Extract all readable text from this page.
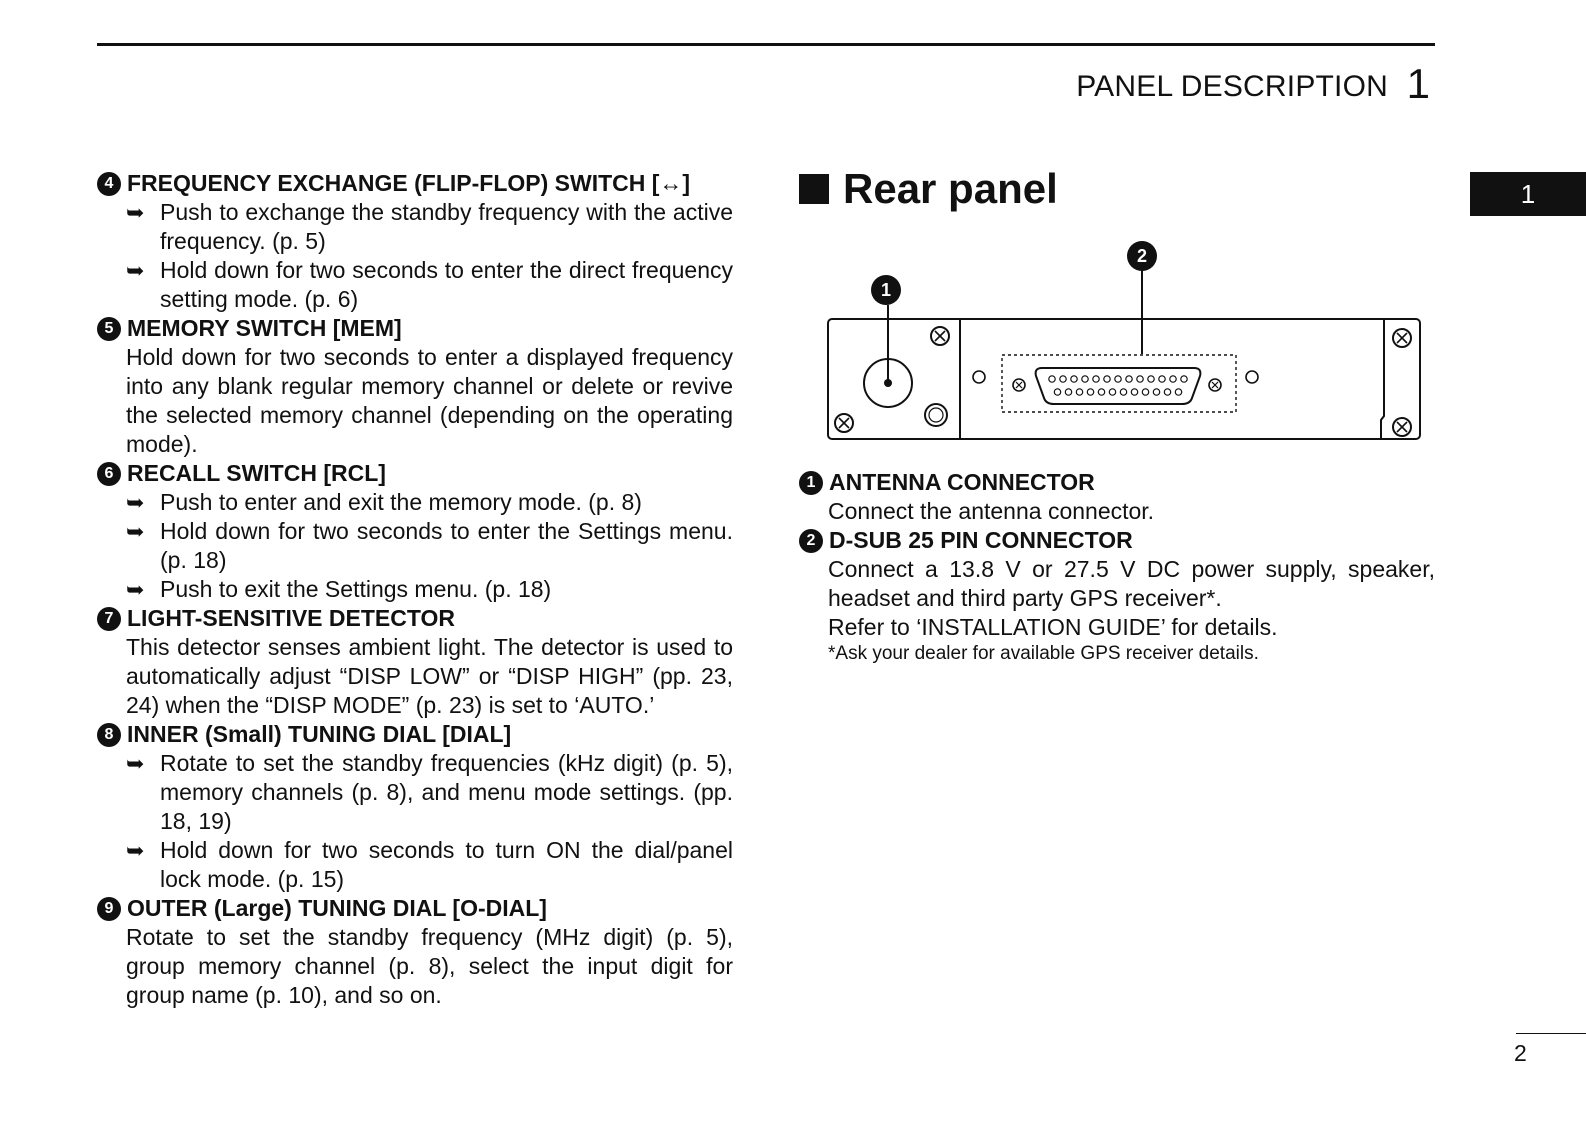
PANEL DESCRIPTION 1
1
4 FREQUENCY EXCHANGE (FLIP-FLOP) SWITCH [↔]
➥ Push to exchange the standby frequency with the active frequency. (p. 5)
➥ Hold down for two seconds to enter the direct frequency setting mode. (p. 6)
5 MEMORY SWITCH [MEM]
Hold down for two seconds to enter a displayed frequency into any blank regular memory channel or delete or revive the selected memory channel (depending on the operating mode).
6 RECALL SWITCH [RCL]
➥ Push to enter and exit the memory mode. (p. 8)
➥ Hold down for two seconds to enter the Settings menu. (p. 18)
➥ Push to exit the Settings menu. (p. 18)
7 LIGHT-SENSITIVE DETECTOR
This detector senses ambient light. The detector is used to automatically adjust “DISP LOW” or “DISP HIGH” (pp. 23, 24) when the “DISP MODE” (p. 23) is set to ‘AUTO.’
8 INNER (Small) TUNING DIAL [DIAL]
➥ Rotate to set the standby frequencies (kHz digit) (p. 5), memory channels (p. 8), and menu mode settings. (pp. 18, 19)
➥ Hold down for two seconds to turn ON the dial/panel lock mode. (p. 15)
9 OUTER (Large) TUNING DIAL [O-DIAL]
Rotate to set the standby frequency (MHz digit) (p. 5), group memory channel (p. 8), select the input digit for group name (p. 10), and so on.
Rear panel
1
2
1 ANTENNA CONNECTOR
Connect the antenna connector.
2 D-SUB 25 PIN CONNECTOR
Connect a 13.8 V or 27.5 V DC power supply, speaker, headset and third party GPS receiver*.
Refer to ‘INSTALLATION GUIDE’ for details.
*Ask your dealer for available GPS receiver details.
2
